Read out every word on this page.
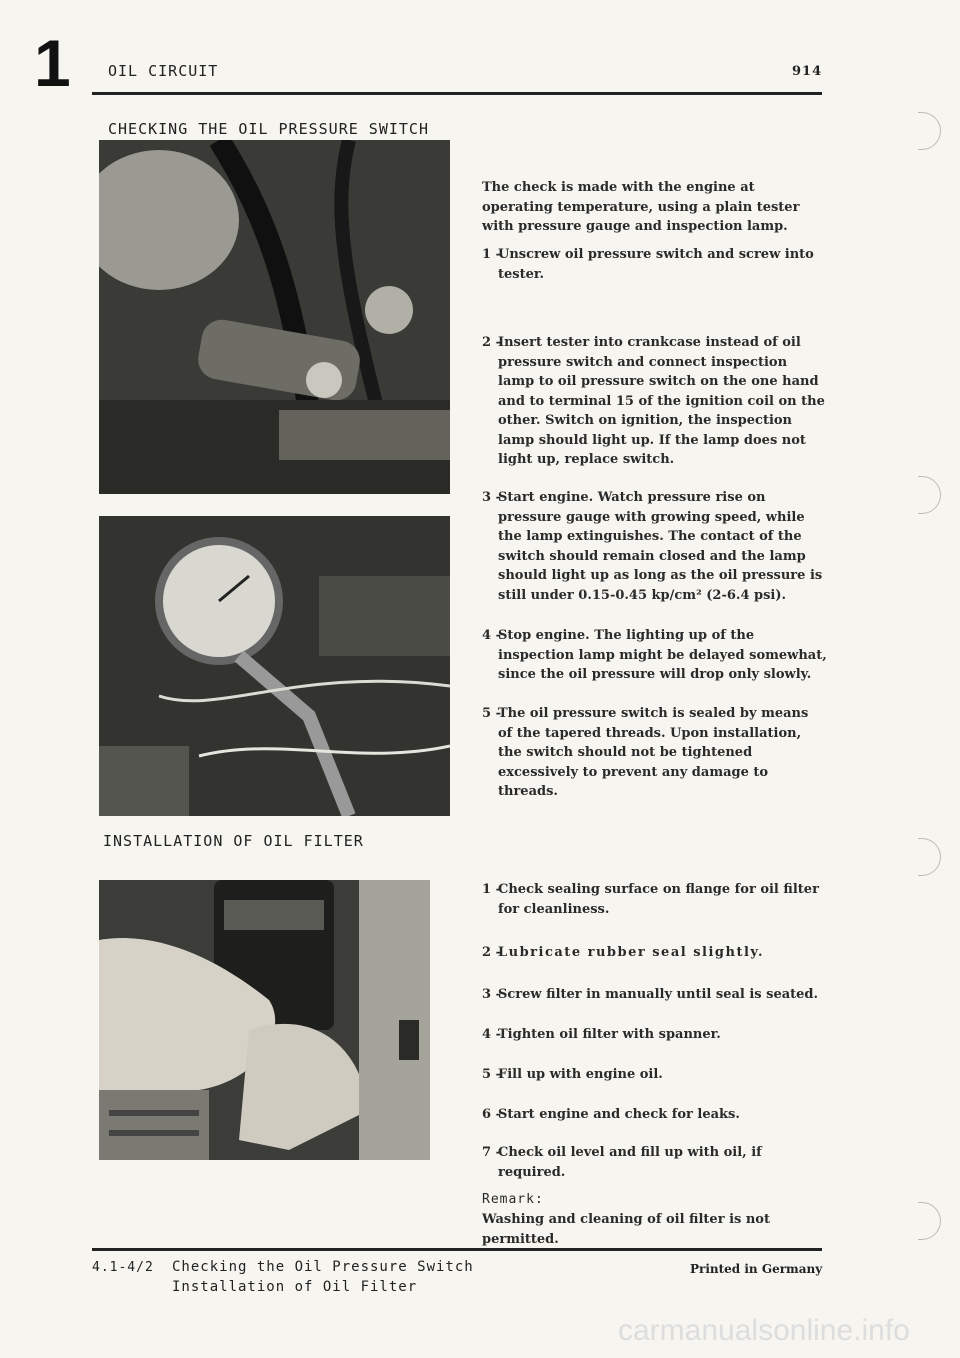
1 OIL CIRCUIT	914
CHECKING THE OIL PRESSURE SWITCH
The check is made with the engine at operating temperature, using a plain tester with pressure gauge and inspection lamp.
1 -
Unscrew oil pressure switch and screw into tester.
2 -
Insert tester into crankcase instead of oil pressure switch and connect inspection lamp to oil pressure switch on the one hand and to terminal 15 of the ignition coil on the other. Switch on ignition, the inspection lamp should light up. If the lamp does not light up, replace switch.
3 -
Start engine. Watch pressure rise on pressure gauge with growing speed, while the lamp extinguishes. The contact of the switch should remain closed and the lamp should light up as long as the oil pressure is still under 0.15-0.45 kp/cm² (2-6.4 psi).
4 -
Stop engine. The lighting up of the inspection lamp might be delayed somewhat, since the oil pressure will drop only slowly.
5 -
The oil pressure switch is sealed by means of the tapered threads. Upon installation, the switch should not be tightened excessively to prevent any damage to threads.
INSTALLATION OF OIL FILTER
1 -
Check sealing surface on flange for oil filter for cleanliness.
2 -
Lubricate rubber seal slightly.
3 -
Screw filter in manually until seal is seated.
4 -
Tighten oil filter with spanner.
5 -
Fill up with engine oil.
6 -
Start engine and check for leaks.
7 -
Check oil level and fill up with oil, if required.
Remark:
Washing and cleaning of oil filter is not permitted.
4.1-4/2 Checking the Oil Pressure Switch
Installation of Oil Filter
Printed in Germany
carmanualsonline.info
